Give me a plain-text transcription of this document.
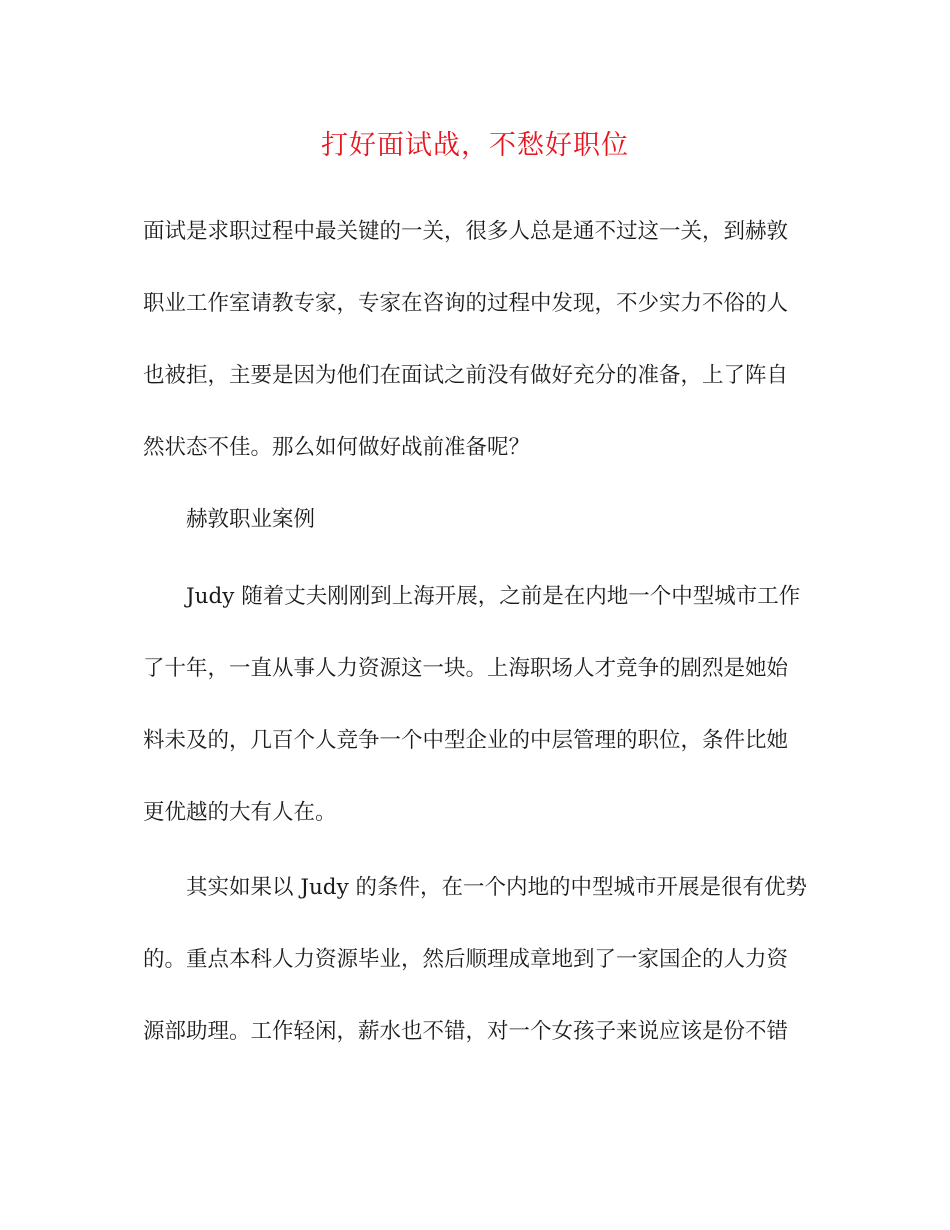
打好面试战，不愁好职位
面试是求职过程中最关键的一关，很多人总是通不过这一关，到赫敦
职业工作室请教专家，专家在咨询的过程中发现，不少实力不俗的人
也被拒，主要是因为他们在面试之前没有做好充分的准备，上了阵自
然状态不佳。那么如何做好战前准备呢？
赫敦职业案例
Judy 随着丈夫刚刚到上海开展，之前是在内地一个中型城市工作
了十年，一直从事人力资源这一块。上海职场人才竞争的剧烈是她始
料未及的，几百个人竞争一个中型企业的中层管理的职位，条件比她
更优越的大有人在。
其实如果以 Judy 的条件，在一个内地的中型城市开展是很有优势
的。重点本科人力资源毕业，然后顺理成章地到了一家国企的人力资
源部助理。工作轻闲，薪水也不错，对一个女孩子来说应该是份不错
